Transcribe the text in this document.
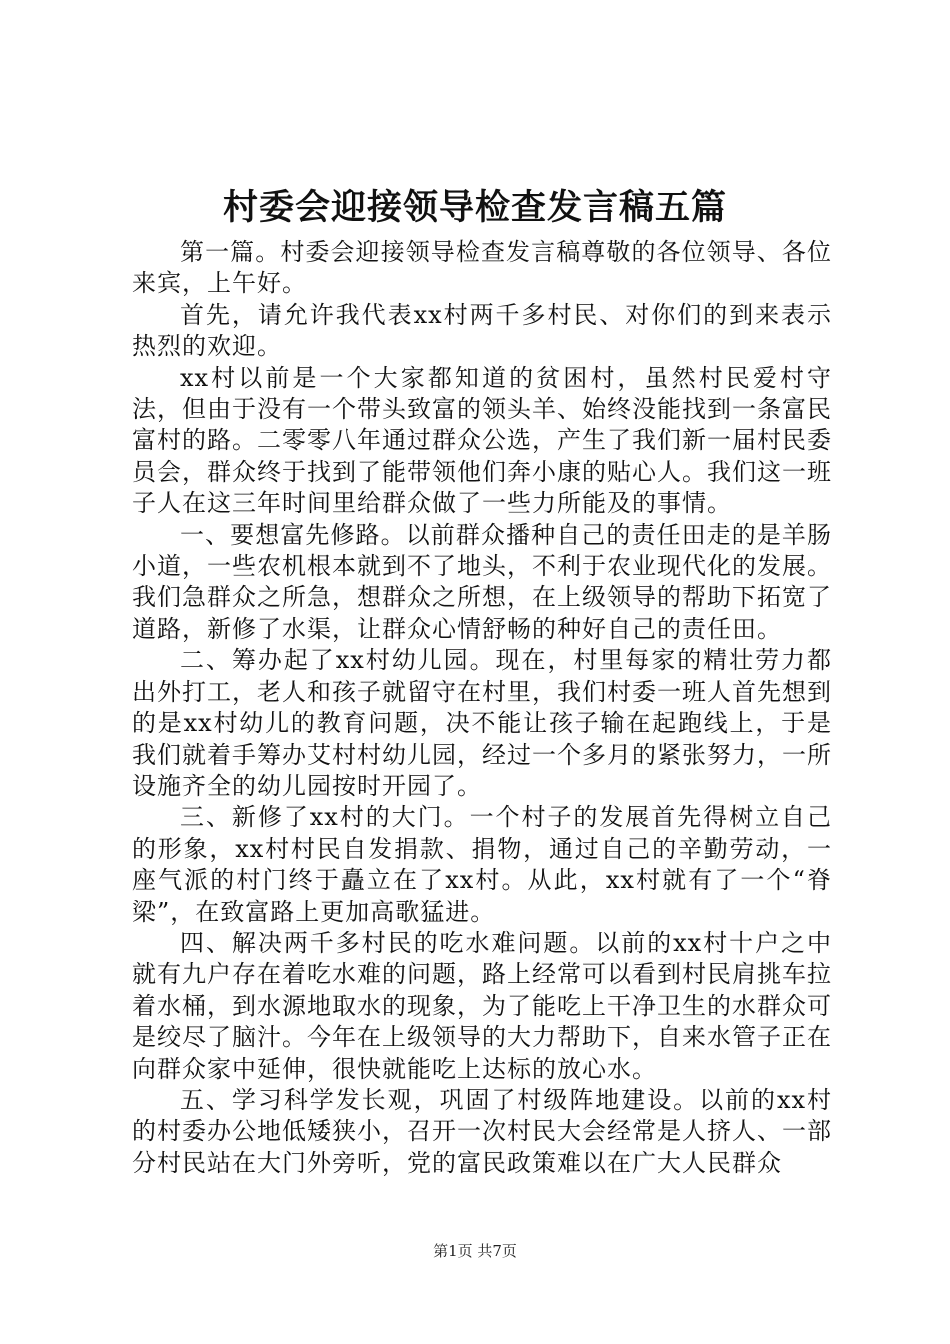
村委会迎接领导检查发言稿五篇

第一篇。村委会迎接领导检查发言稿尊敬的各位领导、各位来宾，上午好。

首先，请允许我代表xx村两千多村民、对你们的到来表示热烈的欢迎。

xx村以前是一个大家都知道的贫困村，虽然村民爱村守法，但由于没有一个带头致富的领头羊、始终没能找到一条富民富村的路。二零零八年通过群众公选，产生了我们新一届村民委员会，群众终于找到了能带领他们奔小康的贴心人。我们这一班子人在这三年时间里给群众做了一些力所能及的事情。

一、要想富先修路。以前群众播种自己的责任田走的是羊肠小道，一些农机根本就到不了地头，不利于农业现代化的发展。我们急群众之所急，想群众之所想，在上级领导的帮助下拓宽了道路，新修了水渠，让群众心情舒畅的种好自己的责任田。

二、筹办起了xx村幼儿园。现在，村里每家的精壮劳力都出外打工，老人和孩子就留守在村里，我们村委一班人首先想到的是xx村幼儿的教育问题，决不能让孩子输在起跑线上，于是我们就着手筹办艾村村幼儿园，经过一个多月的紧张努力，一所设施齐全的幼儿园按时开园了。

三、新修了xx村的大门。一个村子的发展首先得树立自己的形象，xx村村民自发捐款、捐物，通过自己的辛勤劳动，一座气派的村门终于矗立在了xx村。从此，xx村就有了一个“脊梁”，在致富路上更加高歌猛进。

四、解决两千多村民的吃水难问题。以前的xx村十户之中就有九户存在着吃水难的问题，路上经常可以看到村民肩挑车拉着水桶，到水源地取水的现象，为了能吃上干净卫生的水群众可是绞尽了脑汁。今年在上级领导的大力帮助下，自来水管子正在向群众家中延伸，很快就能吃上达标的放心水。

五、学习科学发长观，巩固了村级阵地建设。以前的xx村的村委办公地低矮狭小，召开一次村民大会经常是人挤人、一部分村民站在大门外旁听，党的富民政策难以在广大人民群众

第1页 共7页
